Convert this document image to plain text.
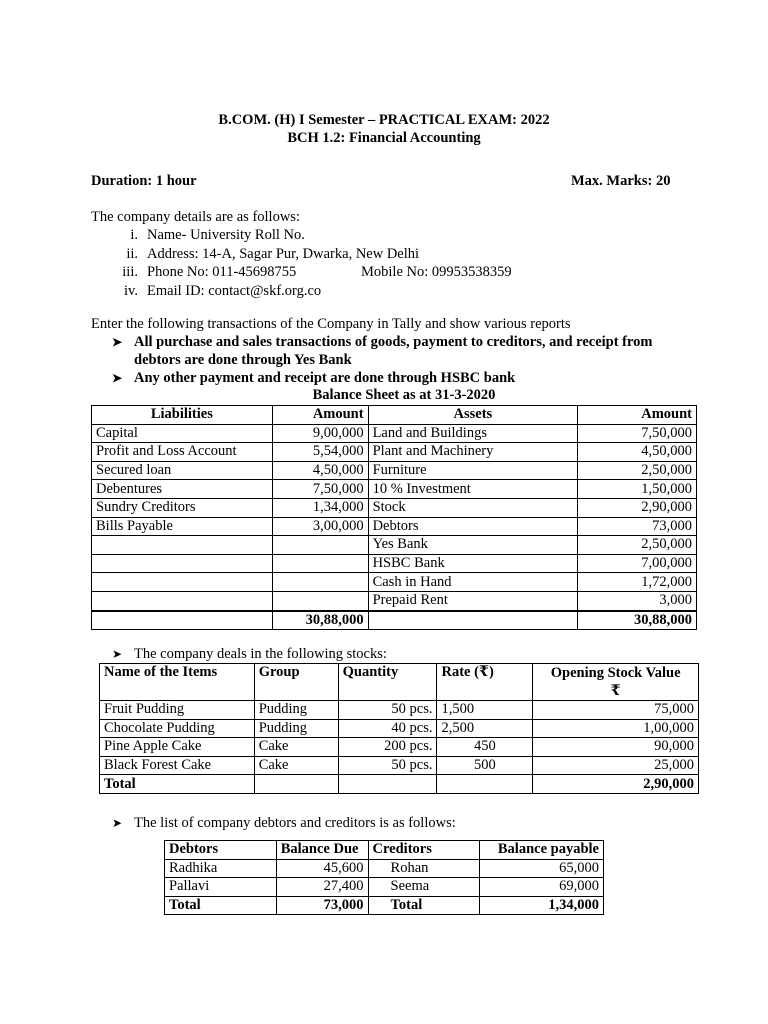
B.COM. (H) I Semester – PRACTICAL EXAM: 2022
BCH 1.2: Financial Accounting
Duration: 1 hour	Max. Marks: 20
The company details are as follows:
i. Name- University Roll No.
ii. Address: 14-A, Sagar Pur, Dwarka, New Delhi
iii. Phone No: 011-45698755	Mobile No: 09953538359
iv. Email ID: contact@skf.org.co
Enter the following transactions of the Company in Tally and show various reports
➤ All purchase and sales transactions of goods, payment to creditors, and receipt from
debtors are done through Yes Bank
➤ Any other payment and receipt are done through HSBC bank
Balance Sheet as at 31-3-2020
Liabilities	Amount	Assets	Amount
Capital	9,00,000	Land and Buildings	7,50,000
Profit and Loss Account	5,54,000	Plant and Machinery	4,50,000
Secured loan	4,50,000	Furniture	2,50,000
Debentures	7,50,000	10 % Investment	1,50,000
Sundry Creditors	1,34,000	Stock	2,90,000
Bills Payable	3,00,000	Debtors	73,000
		Yes Bank	2,50,000
		HSBC Bank	7,00,000
		Cash in Hand	1,72,000
		Prepaid Rent	3,000
	30,88,000		30,88,000
➤ The company deals in the following stocks:
Name of the Items	Group	Quantity	Rate (₹)	Opening Stock Value
₹
Fruit Pudding	Pudding	50 pcs.	1,500	75,000
Chocolate Pudding	Pudding	40 pcs.	2,500	1,00,000
Pine Apple Cake	Cake	200 pcs.	450	90,000
Black Forest Cake	Cake	50 pcs.	500	25,000
Total				2,90,000
➤ The list of company debtors and creditors is as follows:
Debtors	Balance Due	Creditors	Balance payable
Radhika	45,600	Rohan	65,000
Pallavi	27,400	Seema	69,000
Total	73,000	Total	1,34,000
